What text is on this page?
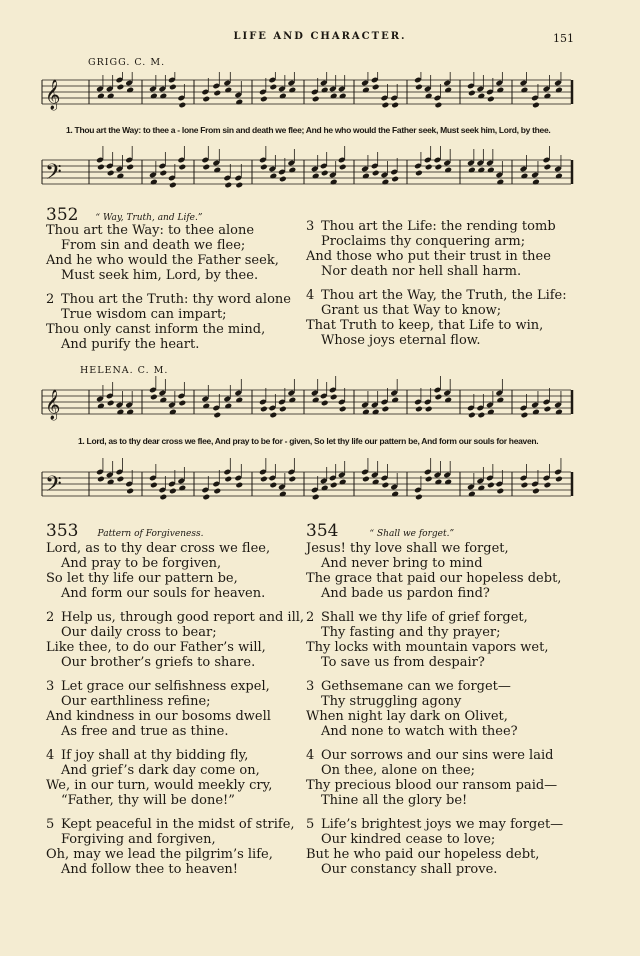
LIFE AND CHARACTER.	151
GRIGG. C. M.
𝄞
1. Thou art the Way: to thee a - lone From sin and death we flee; And he who would the Father seek, Must seek him, Lord, by thee.
𝄢
352 “ Way, Truth, and Life.”
Thou art the Way: to thee alone
From sin and death we flee;
And he who would the Father seek,
Must seek him, Lord, by thee.
2 Thou art the Truth: thy word alone
True wisdom can impart;
Thou only canst inform the mind,
And purify the heart.
3 Thou art the Life: the rending tomb
Proclaims thy conquering arm;
And those who put their trust in thee
Nor death nor hell shall harm.
4 Thou art the Way, the Truth, the Life:
Grant us that Way to know;
That Truth to keep, that Life to win,
Whose joys eternal flow.
HELENA. C. M.
𝄞
1. Lord, as to thy dear cross we flee, And pray to be for - given, So let thy life our pattern be, And form our souls for heaven.
𝄢
353 Pattern of Forgiveness.
Lord, as to thy dear cross we flee,
And pray to be forgiven,
So let thy life our pattern be,
And form our souls for heaven.
2 Help us, through good report and ill,
Our daily cross to bear;
Like thee, to do our Father’s will,
Our brother’s griefs to share.
3 Let grace our selfishness expel,
Our earthliness refine;
And kindness in our bosoms dwell
As free and true as thine.
4 If joy shall at thy bidding fly,
And grief’s dark day come on,
We, in our turn, would meekly cry,
“Father, thy will be done!”
5 Kept peaceful in the midst of strife,
Forgiving and forgiven,
Oh, may we lead the pilgrim’s life,
And follow thee to heaven!
354	“ Shall we forget.”
Jesus! thy love shall we forget,
And never bring to mind
The grace that paid our hopeless debt,
And bade us pardon find?
2 Shall we thy life of grief forget,
Thy fasting and thy prayer;
Thy locks with mountain vapors wet,
To save us from despair?
3 Gethsemane can we forget—
Thy struggling agony
When night lay dark on Olivet,
And none to watch with thee?
4 Our sorrows and our sins were laid
On thee, alone on thee;
Thy precious blood our ransom paid—
Thine all the glory be!
5 Life’s brightest joys we may forget—
Our kindred cease to love;
But he who paid our hopeless debt,
Our constancy shall prove.
